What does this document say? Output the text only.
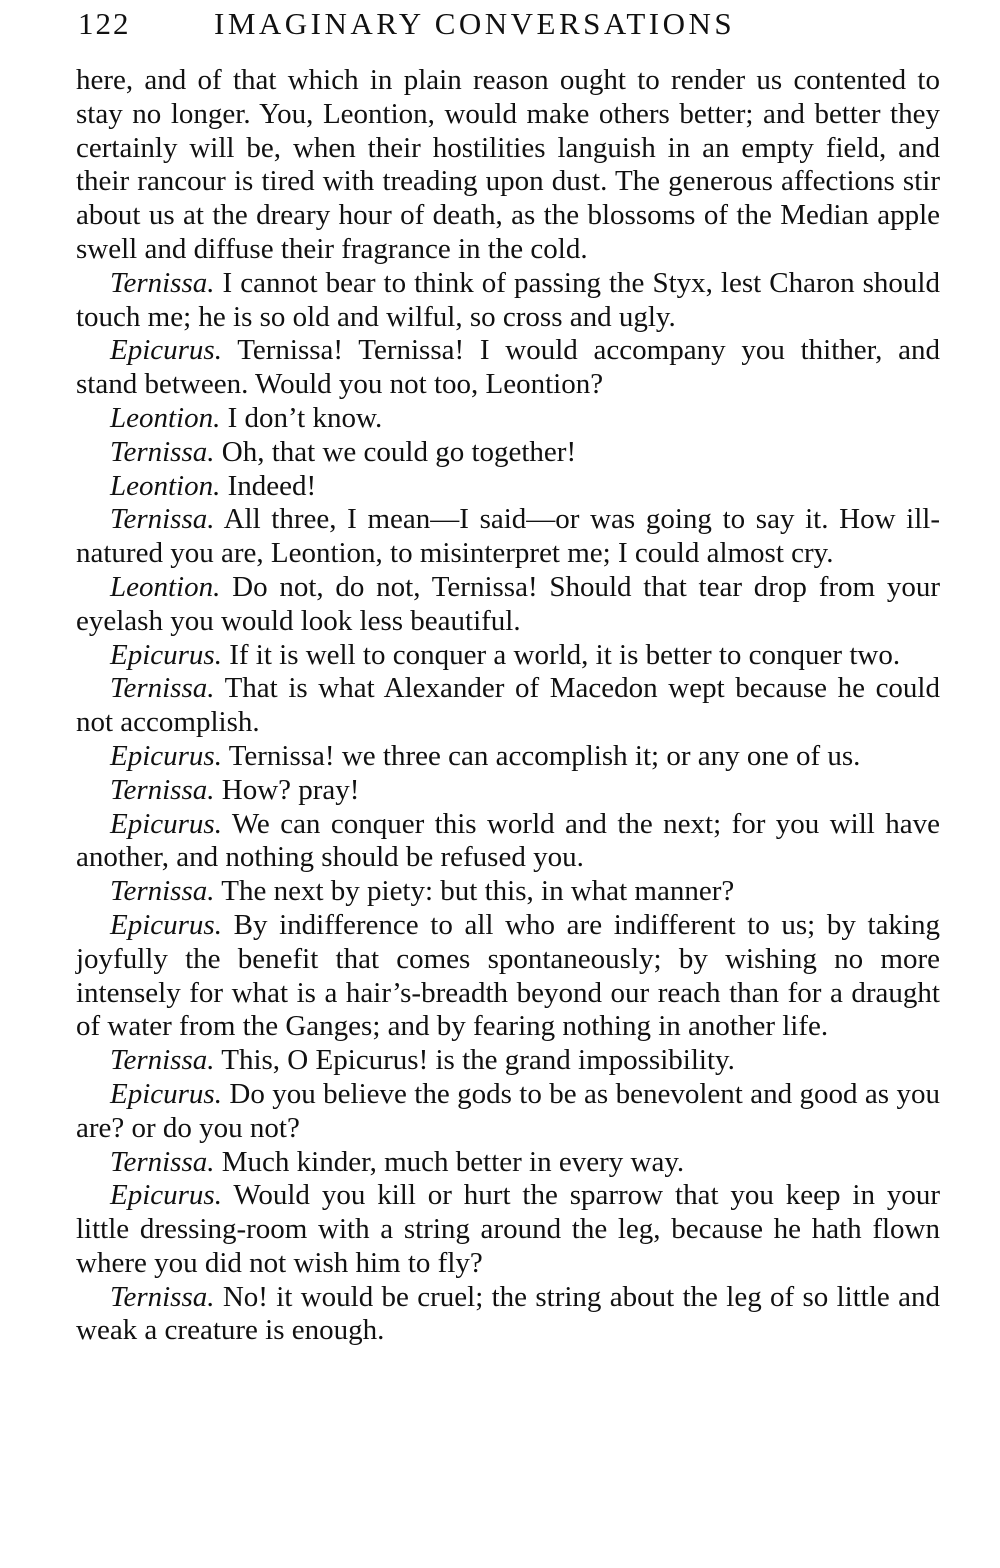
122	IMAGINARY CONVERSATIONS

here, and of that which in plain reason ought to render us contented to stay no longer. You, Leontion, would make others better; and better they certainly will be, when their hostilities languish in an empty field, and their rancour is tired with treading upon dust. The generous affections stir about us at the dreary hour of death, as the blossoms of the Median apple swell and diffuse their fragrance in the cold.

Ternissa. I cannot bear to think of passing the Styx, lest Charon should touch me; he is so old and wilful, so cross and ugly.

Epicurus. Ternissa! Ternissa! I would accompany you thither, and stand between. Would you not too, Leontion?

Leontion. I don’t know.

Ternissa. Oh, that we could go together!

Leontion. Indeed!

Ternissa. All three, I mean—I said—or was going to say it. How ill-natured you are, Leontion, to misinterpret me; I could almost cry.

Leontion. Do not, do not, Ternissa! Should that tear drop from your eyelash you would look less beautiful.

Epicurus. If it is well to conquer a world, it is better to conquer two.

Ternissa. That is what Alexander of Macedon wept because he could not accomplish.

Epicurus. Ternissa! we three can accomplish it; or any one of us.

Ternissa. How? pray!

Epicurus. We can conquer this world and the next; for you will have another, and nothing should be refused you.

Ternissa. The next by piety: but this, in what manner?

Epicurus. By indifference to all who are indifferent to us; by taking joyfully the benefit that comes spontaneously; by wishing no more intensely for what is a hair’s-breadth beyond our reach than for a draught of water from the Ganges; and by fearing nothing in another life.

Ternissa. This, O Epicurus! is the grand impossibility.

Epicurus. Do you believe the gods to be as benevolent and good as you are? or do you not?

Ternissa. Much kinder, much better in every way.

Epicurus. Would you kill or hurt the sparrow that you keep in your little dressing-room with a string around the leg, because he hath flown where you did not wish him to fly?

Ternissa. No! it would be cruel; the string about the leg of so little and weak a creature is enough.
